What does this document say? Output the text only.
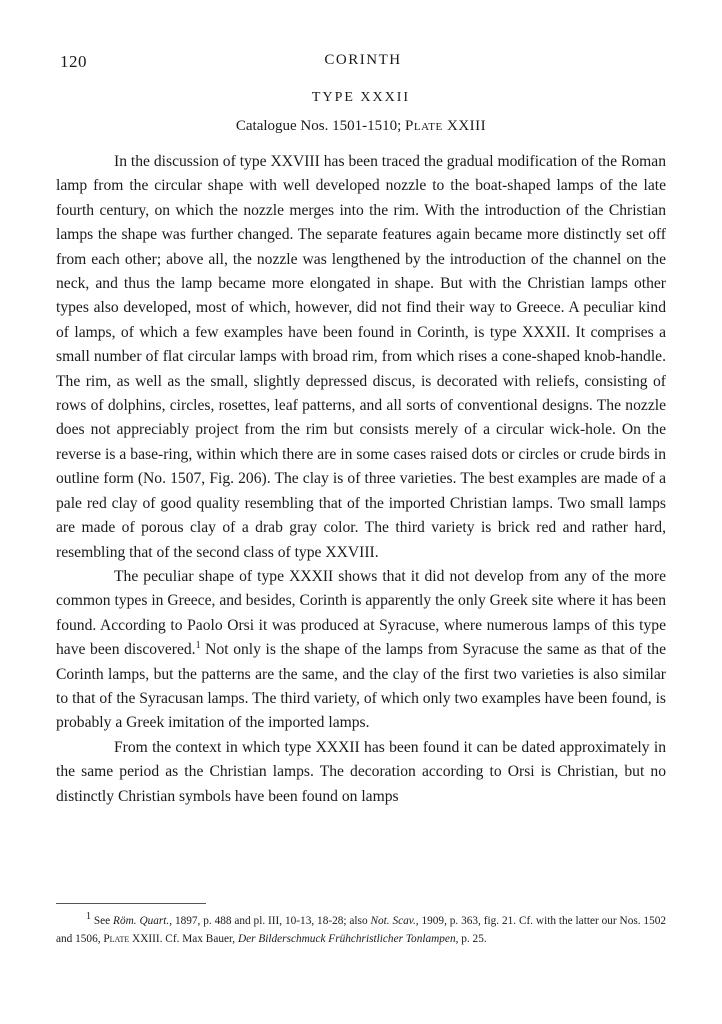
120	CORINTH
TYPE XXXII
Catalogue Nos. 1501-1510; Plate XXIII

In the discussion of type XXVIII has been traced the gradual modification of the Roman lamp from the circular shape with well developed nozzle to the boat-shaped lamps of the late fourth century, on which the nozzle merges into the rim. With the introduction of the Christian lamps the shape was further changed. The separate features again became more distinctly set off from each other; above all, the nozzle was lengthened by the introduction of the channel on the neck, and thus the lamp became more elongated in shape. But with the Christian lamps other types also developed, most of which, however, did not find their way to Greece. A peculiar kind of lamps, of which a few examples have been found in Corinth, is type XXXII. It comprises a small number of flat circular lamps with broad rim, from which rises a cone-shaped knob-handle. The rim, as well as the small, slightly depressed discus, is decorated with reliefs, consisting of rows of dolphins, circles, rosettes, leaf patterns, and all sorts of conventional designs. The nozzle does not appreciably project from the rim but consists merely of a circular wick-hole. On the reverse is a base-ring, within which there are in some cases raised dots or circles or crude birds in outline form (No. 1507, Fig. 206). The clay is of three varieties. The best examples are made of a pale red clay of good quality resembling that of the imported Christian lamps. Two small lamps are made of porous clay of a drab gray color. The third variety is brick red and rather hard, resembling that of the second class of type XXVIII.

The peculiar shape of type XXXII shows that it did not develop from any of the more common types in Greece, and besides, Corinth is apparently the only Greek site where it has been found. According to Paolo Orsi it was produced at Syracuse, where numerous lamps of this type have been discovered.$^1$ Not only is the shape of the lamps from Syracuse the same as that of the Corinth lamps, but the patterns are the same, and the clay of the first two varieties is also similar to that of the Syracusan lamps. The third variety, of which only two examples have been found, is probably a Greek imitation of the imported lamps.

From the context in which type XXXII has been found it can be dated approximately in the same period as the Christian lamps. The decoration according to Orsi is Christian, but no distinctly Christian symbols have been found on lamps

1 See Röm. Quart., 1897, p. 488 and pl. III, 10-13, 18-28; also Not. Scav., 1909, p. 363, fig. 21. Cf. with the latter our Nos. 1502 and 1506, Plate XXIII. Cf. Max Bauer, Der Bilderschmuck Frühchristlicher Tonlampen, p. 25.
